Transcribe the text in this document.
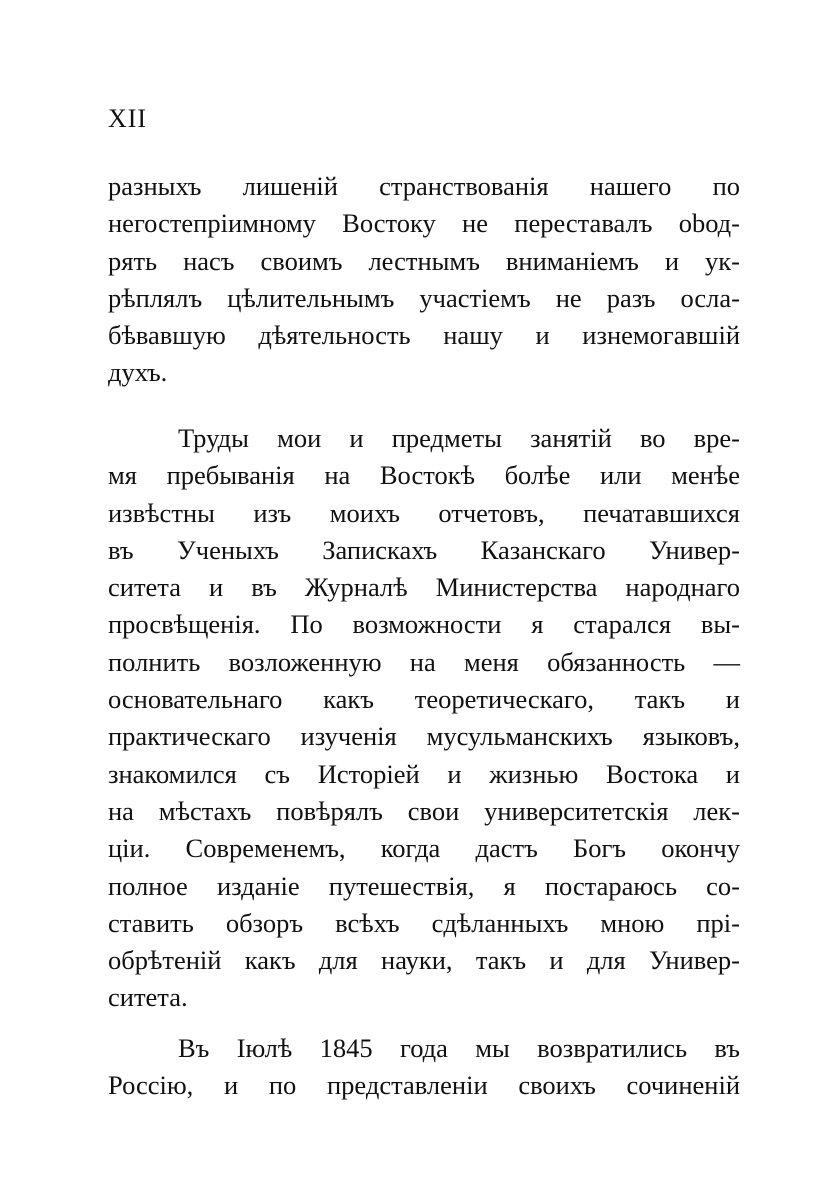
XII
разныхъ лишеній странствованія нашего по
негостепріимному Востоку не переставалъ obод-
рять насъ своимъ лестнымъ вниманіемъ и ук-
рѣплялъ цѣлительнымъ участіемъ не разъ осла-
бѣвавшую дѣятельность нашу и изнемогавшій
духъ.
Труды мои и предметы занятій во вре-
мя пребыванія на Востокѣ болѣе или менѣе
извѣстны изъ моихъ отчетовъ, печатавшихся
въ Ученыхъ Запискахъ Казанскаго Универ-
ситета и въ Журналѣ Министерства народнаго
просвѣщенія. По возможности я старался вы-
полнить возложенную на меня обязанность —
основательнаго какъ теоретическаго, такъ и
практическаго изученія мусульманскихъ языковъ,
знакомился съ Исторіей и жизнью Востока и
на мѣстахъ повѣрялъ свои университетскія лек-
ціи. Современемъ, когда дастъ Богъ окончу
полное изданіе путешествія, я постараюсь со-
ставить обзоръ всѣхъ сдѣланныхъ мною прі-
обрѣтеній какъ для науки, такъ и для Универ-
ситета.
Въ Іюлѣ 1845 года мы возвратились въ
Россію, и по представленіи своихъ сочиненій
